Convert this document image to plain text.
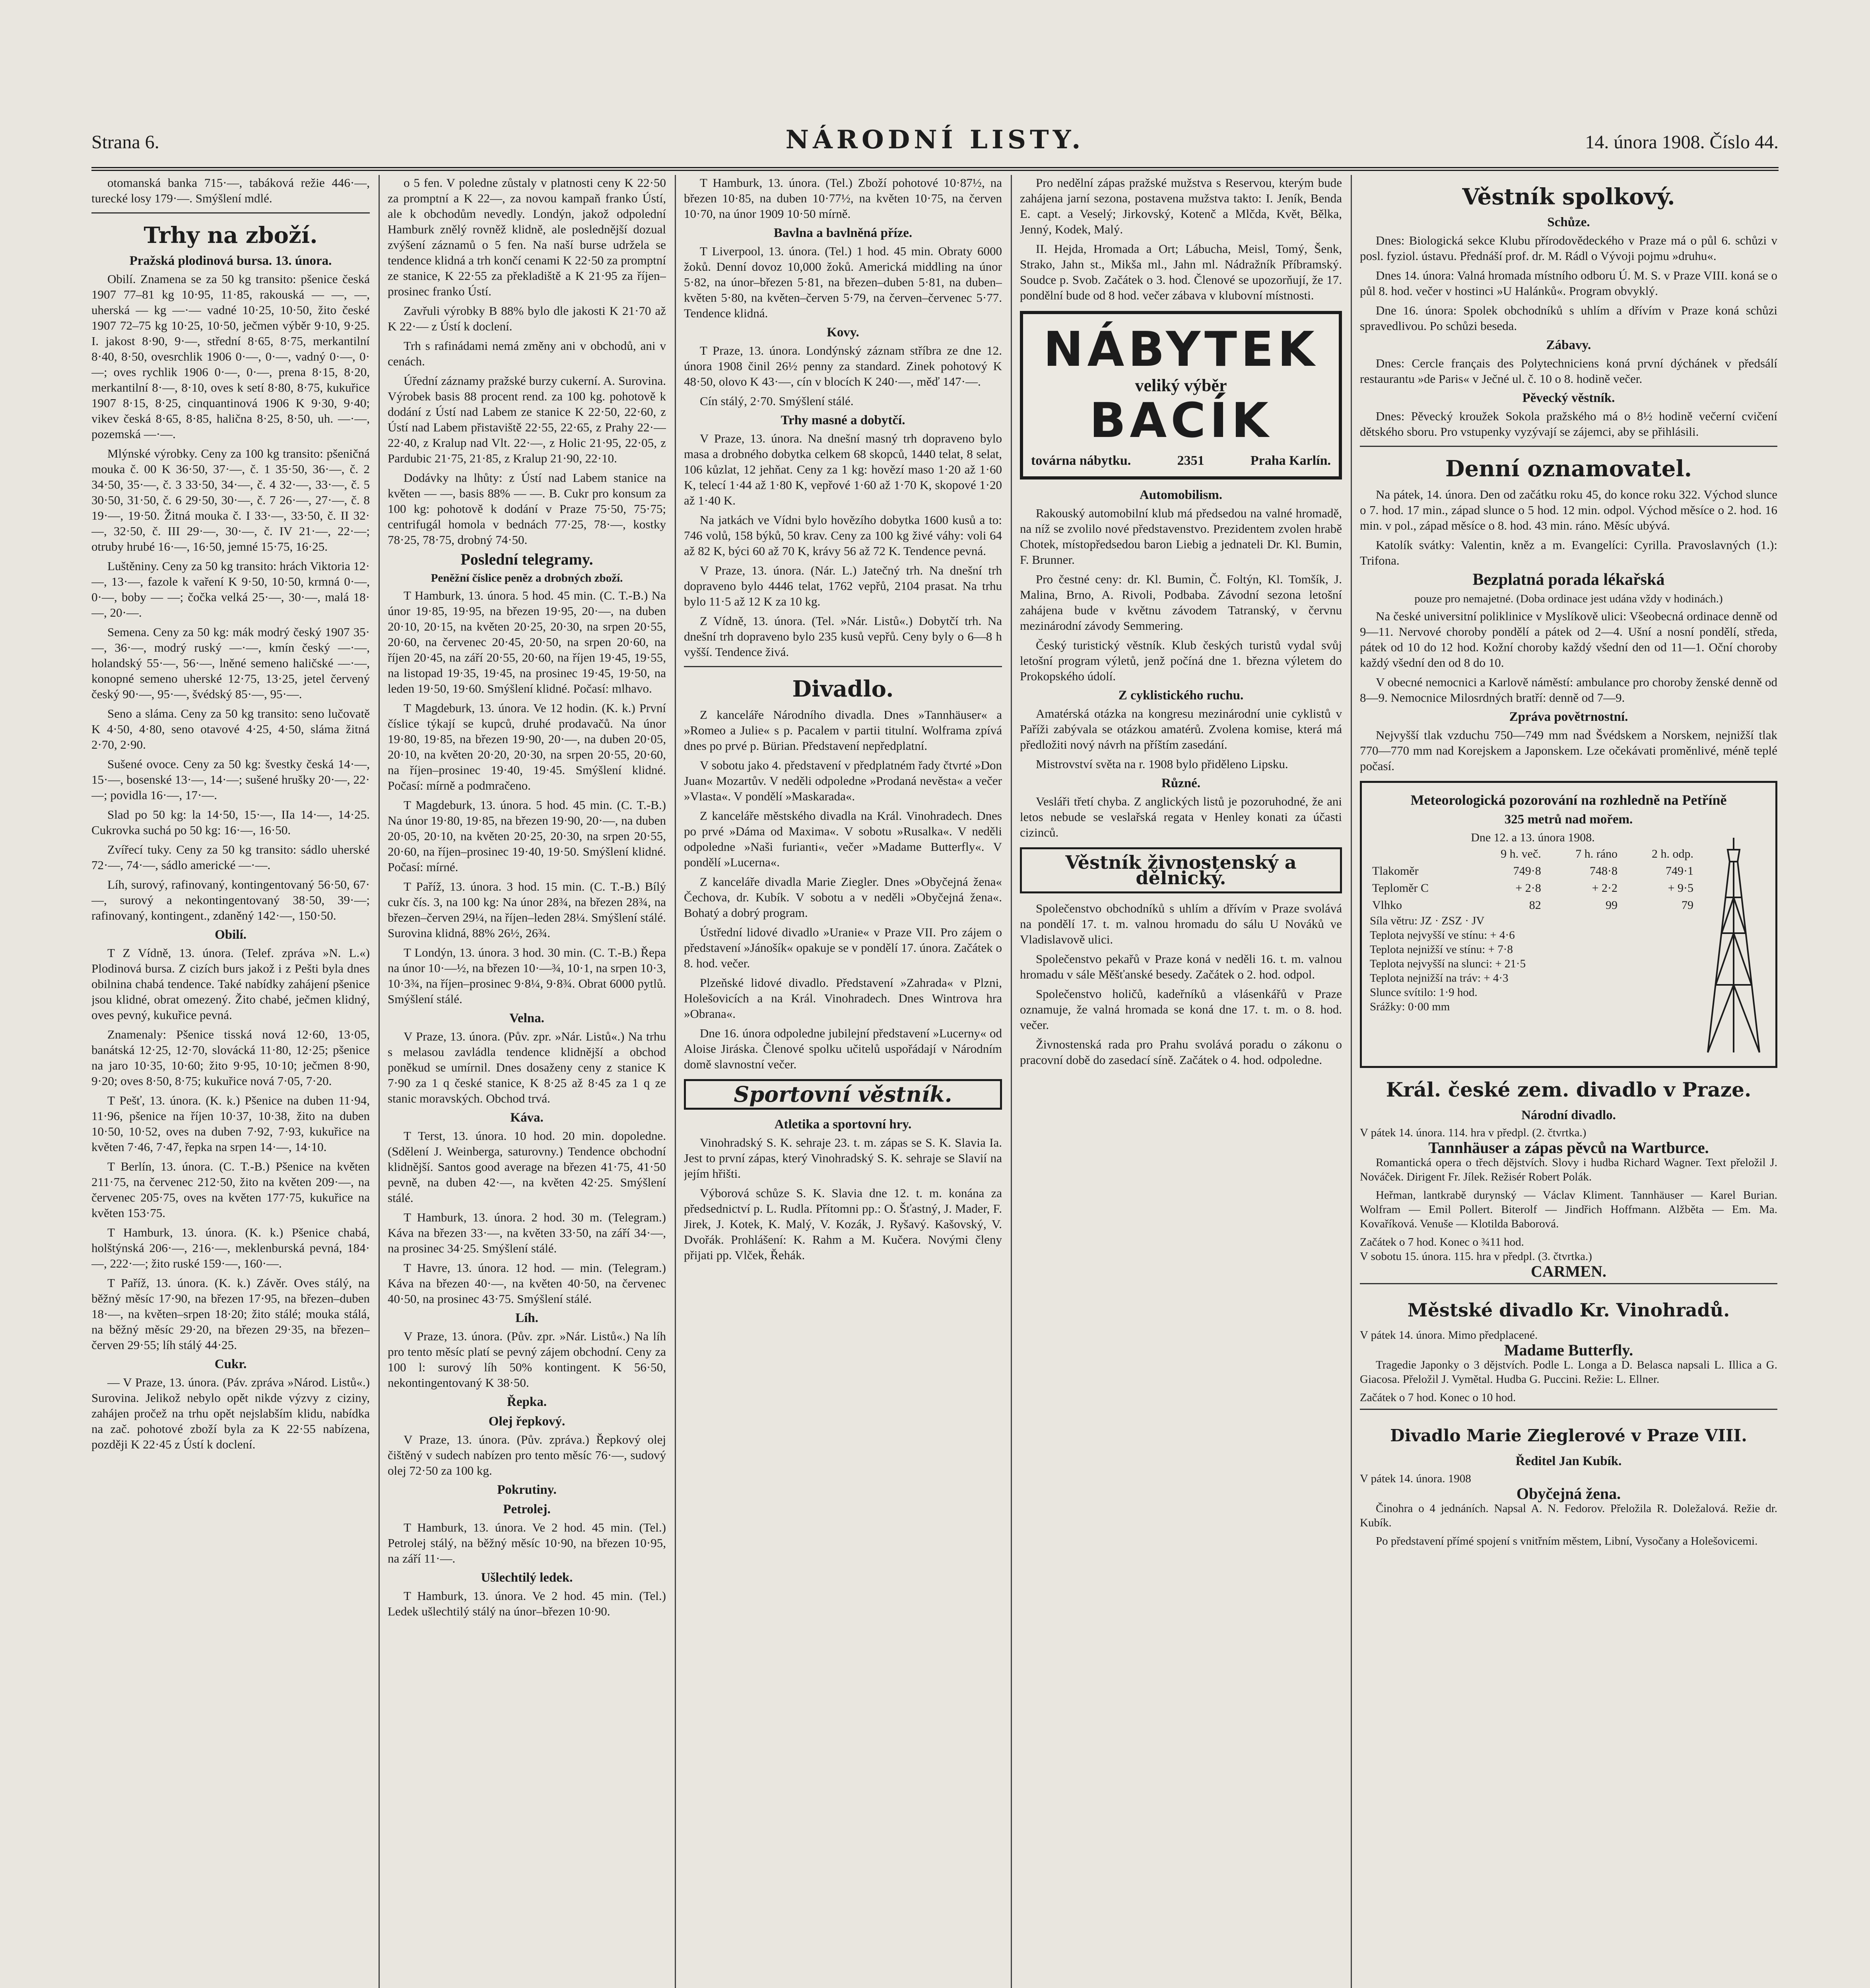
Strana 6.	NÁRODNÍ LISTY.	14. února 1908. Číslo 44.

otomanská banka 715·—, tabáková režie 446·—, turecké losy 179·—. Smýšlení mdlé.

Trhy na zboží.
Pražská plodinová bursa. 13. února.

Obilí. Znamena se za 50 kg transito: pšenice česká 1907 77–81 kg 10·95, 11·85, rakouská — —, —, uherská — kg —·— vadné 10·25, 10·50, žito české 1907 72–75 kg 10·25, 10·50, ječmen výběr 9·10, 9·25. I. jakost 8·90, 9·—, střední 8·65, 8·75, merkantilní 8·40, 8·50, ovesrchlik 1906 0·—, 0·—, vadný 0·—, 0·—; oves rychlik 1906 0·—, 0·—, prena 8·15, 8·20, merkantilní 8·—, 8·10, oves k setí 8·80, 8·75, kukuřice 1907 8·15, 8·25, cinquantinová 1906 K 9·30, 9·40; vikev česká 8·65, 8·85, halična 8·25, 8·50, uh. —·—, pozemská —·—.

Mlýnské výrobky. Ceny za 100 kg transito: pšeničná mouka č. 00 K 36·50, 37·—, č. 1 35·50, 36·—, č. 2 34·50, 35·—, č. 3 33·50, 34·—, č. 4 32·—, 33·—, č. 5 30·50, 31·50, č. 6 29·50, 30·—, č. 7 26·—, 27·—, č. 8 19·—, 19·50. Žitná mouka č. I 33·—, 33·50, č. II 32·—, 32·50, č. III 29·—, 30·—, č. IV 21·—, 22·—; otruby hrubé 16·—, 16·50, jemné 15·75, 16·25.

Luštěniny. Ceny za 50 kg transito: hrách Viktoria 12·—, 13·—, fazole k vaření K 9·50, 10·50, krmná 0·—, 0·—, boby — —; čočka velká 25·—, 30·—, malá 18·—, 20·—.

Semena. Ceny za 50 kg: mák modrý český 1907 35·—, 36·—, modrý ruský —·—, kmín český —·—, holandský 55·—, 56·—, lněné semeno haličské —·—, konopné semeno uherské 12·75, 13·25, jetel červený český 90·—, 95·—, švédský 85·—, 95·—.

Seno a sláma. Ceny za 50 kg transito: seno lučovatě K 4·50, 4·80, seno otavové 4·25, 4·50, sláma žitná 2·70, 2·90.

Sušené ovoce. Ceny za 50 kg: švestky česká 14·—, 15·—, bosenské 13·—, 14·—; sušené hrušky 20·—, 22·—; povidla 16·—, 17·—.

Slad po 50 kg: la 14·50, 15·—, IIa 14·—, 14·25. Cukrovka suchá po 50 kg: 16·—, 16·50.

Zvířecí tuky. Ceny za 50 kg transito: sádlo uherské 72·—, 74·—, sádlo americké —·—.

Líh, surový, rafinovaný, kontingentovaný 56·50, 67·—, surový a nekontingentovaný 38·50, 39·—; rafinovaný, kontingent., zdaněný 142·—, 150·50.

Obilí.

T Z Vídně, 13. února. (Telef. zpráva »N. L.«) Plodinová bursa. Z cizích burs jakož i z Pešti byla dnes obilnina chabá tendence. Také nabídky zahájení pšenice jsou klidné, obrat omezený. Žito chabé, ječmen klidný, oves pevný, kukuřice pevná.

Znamenaly: Pšenice tisská nová 12·60, 13·05, banátská 12·25, 12·70, slovácká 11·80, 12·25; pšenice na jaro 10·35, 10·60; žito 9·95, 10·10; ječmen 8·90, 9·20; oves 8·50, 8·75; kukuřice nová 7·05, 7·20.

T Pešť, 13. února. (K. k.) Pšenice na duben 11·94, 11·96, pšenice na říjen 10·37, 10·38, žito na duben 10·50, 10·52, oves na duben 7·92, 7·93, kukuřice na květen 7·46, 7·47, řepka na srpen 14·—, 14·10.

T Berlín, 13. února. (C. T.-B.) Pšenice na květen 211·75, na červenec 212·50, žito na květen 209·—, na červenec 205·75, oves na květen 177·75, kukuřice na květen 153·75.

T Hamburk, 13. února. (K. k.) Pšenice chabá, holštýnská 206·—, 216·—, meklenburská pevná, 184·—, 222·—; žito ruské 159·—, 160·—.

T Paříž, 13. února. (K. k.) Závěr. Oves stálý, na běžný měsíc 17·90, na březen 17·95, na březen–duben 18·—, na květen–srpen 18·20; žito stálé; mouka stálá, na běžný měsíc 29·20, na březen 29·35, na březen–červen 29·55; líh stálý 44·25.

Cukr.

— V Praze, 13. února. (Páv. zpráva »Národ. Listů«.) Surovina. Jelikož nebylo opět nikde výzvy z ciziny, zahájen pročež na trhu opět nejslabším klidu, nabídka na zač. pohotové zboží byla za K 22·55 nabízena, později K 22·45 z Ústí k doclení.

o 5 fen. V poledne zůstaly v platnosti ceny K 22·50 za promptní a K 22—, za novou kampaň franko Ústí, ale k obchodům nevedly. Londýn, jakož odpolední Hamburk znělý rovněž klidně, ale poslednější dozual zvýšení záznamů o 5 fen. Na naší burse udržela se tendence klidná a trh končí cenami K 22·50 za promptní ze stanice, K 22·55 za překladiště a K 21·95 za říjen–prosinec franko Ústí.

Zavřuli výrobky B 88% bylo dle jakosti K 21·70 až K 22·— z Ústí k doclení.

Trh s rafinádami nemá změny ani v obchodů, ani v cenách.

Úřední záznamy pražské burzy cukerní. A. Surovina. Výrobek basis 88 procent rend. za 100 kg. pohotově k dodání z Ústí nad Labem ze stanice K 22·50, 22·60, z Ústí nad Labem přistaviště 22·55, 22·65, z Prahy 22·— 22·40, z Kralup nad Vlt. 22·—, z Holic 21·95, 22·05, z Pardubic 21·75, 21·85, z Kralup 21·90, 22·10.

Dodávky na lhůty: z Ústí nad Labem stanice na květen — —, basis 88% — —. B. Cukr pro konsum za 100 kg: pohotově k dodání v Praze 75·50, 75·75; centrifugál homola v bednách 77·25, 78·—, kostky 78·25, 78·75, drobný 74·50.

Poslední telegramy.
Peněžní číslice peněz a drobných zboží.

T Hamburk, 13. února. 5 hod. 45 min. (C. T.-B.) Na únor 19·85, 19·95, na březen 19·95, 20·—, na duben 20·10, 20·15, na květen 20·25, 20·30, na srpen 20·55, 20·60, na červenec 20·45, 20·50, na srpen 20·60, na říjen 20·45, na září 20·55, 20·60, na říjen 19·45, 19·55, na listopad 19·35, 19·45, na prosinec 19·45, 19·50, na leden 19·50, 19·60. Smýšlení klidné. Počasí: mlhavo.

T Magdeburk, 13. února. Ve 12 hodin. (K. k.) První číslice týkají se kupců, druhé prodavačů. Na únor 19·80, 19·85, na březen 19·90, 20·—, na duben 20·05, 20·10, na květen 20·20, 20·30, na srpen 20·55, 20·60, na říjen–prosinec 19·40, 19·45. Smýšlení klidné. Počasí: mírně a podmračeno.

T Magdeburk, 13. února. 5 hod. 45 min. (C. T.-B.) Na únor 19·80, 19·85, na březen 19·90, 20·—, na duben 20·05, 20·10, na květen 20·25, 20·30, na srpen 20·55, 20·60, na říjen–prosinec 19·40, 19·50. Smýšlení klidné. Počasí: mírné.

T Paříž, 13. února. 3 hod. 15 min. (C. T.-B.) Bílý cukr čís. 3, na 100 kg: Na únor 28¾, na březen 28¾, na březen–červen 29¼, na říjen–leden 28¼. Smýšlení stálé. Surovina klidná, 88% 26½, 26¾.

T Londýn, 13. února. 3 hod. 30 min. (C. T.-B.) Řepa na únor 10·—½, na březen 10·—¾, 10·1, na srpen 10·3, 10·3¾, na říjen–prosinec 9·8¼, 9·8¾. Obrat 6000 pytlů. Smýšlení stálé.

Velna.

V Praze, 13. února. (Pův. zpr. »Nár. Listů«.) Na trhu s melasou zavládla tendence klidnější a obchod poněkud se umírnil. Dnes dosaženy ceny z stanice K 7·90 za 1 q české stanice, K 8·25 až 8·45 za 1 q ze stanic moravských. Obchod trvá.

Káva.

T Terst, 13. února. 10 hod. 20 min. dopoledne. (Sdělení J. Weinberga, saturovny.) Tendence obchodní klidnější. Santos good average na březen 41·75, 41·50 pevně, na duben 42·—, na květen 42·25. Smýšlení stálé.

T Hamburk, 13. února. 2 hod. 30 m. (Telegram.) Káva na březen 33·—, na květen 33·50, na září 34·—, na prosinec 34·25. Smýšlení stálé.

T Havre, 13. února. 12 hod. — min. (Telegram.) Káva na březen 40·—, na květen 40·50, na červenec 40·50, na prosinec 43·75. Smýšlení stálé.

Líh.

V Praze, 13. února. (Pův. zpr. »Nár. Listů«.) Na líh pro tento měsíc platí se pevný zájem obchodní. Ceny za 100 l: surový líh 50% kontingent. K 56·50, nekontingentovaný K 38·50.

Řepka.
Olej řepkový.

V Praze, 13. února. (Pův. zpráva.) Řepkový olej čištěný v sudech nabízen pro tento měsíc 76·—, sudový olej 72·50 za 100 kg.

Pokrutiny.
Petrolej.

T Hamburk, 13. února. Ve 2 hod. 45 min. (Tel.) Petrolej stálý, na běžný měsíc 10·90, na březen 10·95, na září 11·—.

Ušlechtilý ledek.

T Hamburk, 13. února. Ve 2 hod. 45 min. (Tel.) Ledek ušlechtilý stálý na únor–březen 10·90.

T Hamburk, 13. února. (Tel.) Zboží pohotové 10·87½, na březen 10·85, na duben 10·77½, na květen 10·75, na červen 10·70, na únor 1909 10·50 mírně.

Bavlna a bavlněná příze.

T Liverpool, 13. února. (Tel.) 1 hod. 45 min. Obraty 6000 žoků. Denní dovoz 10,000 žoků. Americká middling na únor 5·82, na únor–březen 5·81, na březen–duben 5·81, na duben–květen 5·80, na květen–červen 5·79, na červen–červenec 5·77. Tendence klidná.

Kovy.

T Praze, 13. února. Londýnský záznam stříbra ze dne 12. února 1908 činil 26½ penny za standard. Zinek pohotový K 48·50, olovo K 43·—, cín v blocích K 240·—, měď 147·—.

Cín stálý, 2·70. Smýšlení stálé.

Trhy masné a dobytčí.

V Praze, 13. února. Na dnešní masný trh dopraveno bylo masa a drobného dobytka celkem 68 skopců, 1440 telat, 8 selat, 106 kůzlat, 12 jehňat. Ceny za 1 kg: hovězí maso 1·20 až 1·60 K, telecí 1·44 až 1·80 K, vepřové 1·60 až 1·70 K, skopové 1·20 až 1·40 K.

Na jatkách ve Vídni bylo hovězího dobytka 1600 kusů a to: 746 volů, 158 býků, 50 krav. Ceny za 100 kg živé váhy: voli 64 až 82 K, býci 60 až 70 K, krávy 56 až 72 K. Tendence pevná.

V Praze, 13. února. (Nár. L.) Jatečný trh. Na dnešní trh dopraveno bylo 4446 telat, 1762 vepřů, 2104 prasat. Na trhu bylo 11·5 až 12 K za 10 kg.

Z Vídně, 13. února. (Tel. »Nár. Listů«.) Dobytčí trh. Na dnešní trh dopraveno bylo 235 kusů vepřů. Ceny byly o 6—8 h vyšší. Tendence živá.

Divadlo.

Z kanceláře Národního divadla. Dnes »Tannhäuser« a »Romeo a Julie« s p. Pacalem v partii titulní. Wolframa zpívá dnes po prvé p. Bürian. Představení nepředplatní.

V sobotu jako 4. představení v předplatném řady čtvrté »Don Juan« Mozartův. V neděli odpoledne »Prodaná nevěsta« a večer »Vlasta«. V pondělí »Maskarada«.

Z kanceláře městského divadla na Král. Vinohradech. Dnes po prvé »Dáma od Maxima«. V sobotu »Rusalka«. V neděli odpoledne »Naši furianti«, večer »Madame Butterfly«. V pondělí »Lucerna«.

Z kanceláře divadla Marie Ziegler. Dnes »Obyčejná žena« Čechova, dr. Kubík. V sobotu a v neděli »Obyčejná žena«. Bohatý a dobrý program.

Ústřední lidové divadlo »Uranie« v Praze VII. Pro zájem o představení »Jánošík« opakuje se v pondělí 17. února. Začátek o 8. hod. večer.

Plzeňské lidové divadlo. Představení »Zahrada« v Plzni, Holešovicích a na Král. Vinohradech. Dnes Wintrova hra »Obrana«.

Dne 16. února odpoledne jubilejní představení »Lucerny« od Aloise Jiráska. Členové spolku učitelů uspořádají v Národním domě slavnostní večer.

Sportovní věstník.
Atletika a sportovní hry.

Vinohradský S. K. sehraje 23. t. m. zápas se S. K. Slavia Ia. Jest to první zápas, který Vinohradský S. K. sehraje se Slavií na jejím hřišti.

Výborová schůze S. K. Slavia dne 12. t. m. konána za předsednictví p. L. Rudla. Přítomni pp.: O. Šťastný, J. Mader, F. Jirek, J. Kotek, K. Malý, V. Kozák, J. Ryšavý. Kašovský, V. Dvořák. Prohlášení: K. Rahm a M. Kučera. Novými členy přijati pp. Vlček, Řehák.

Pro nedělní zápas pražské mužstva s Reservou, kterým bude zahájena jarní sezona, postavena mužstva takto: I. Jeník, Benda E. capt. a Veselý; Jirkovský, Kotenč a Mlčda, Květ, Bělka, Jenný, Kodek, Malý.

II. Hejda, Hromada a Ort; Lábucha, Meisl, Tomý, Šenk, Strako, Jahn st., Mikša ml., Jahn ml. Nádražník Příbramský. Soudce p. Svob. Začátek o 3. hod. Členové se upozorňují, že 17. pondělní bude od 8 hod. večer zábava v klubovní místnosti.

NÁBYTEK
veliký výběr
BACÍK
továrna nábytku.	2351	Praha Karlín.
Automobilism.

Rakouský automobilní klub má předsedou na valné hromadě, na níž se zvolilo nové představenstvo. Prezidentem zvolen hrabě Chotek, místopředsedou baron Liebig a jednateli Dr. Kl. Bumin, F. Brunner.

Pro čestné ceny: dr. Kl. Bumin, Č. Foltýn, Kl. Tomšík, J. Malina, Brno, A. Rivoli, Podbaba. Závodní sezona letošní zahájena bude v květnu závodem Tatranský, v červnu mezinárodní závody Semmering.

Český turistický věstník. Klub českých turistů vydal svůj letošní program výletů, jenž počíná dne 1. března výletem do Prokopského údolí.

Z cyklistického ruchu.

Amatérská otázka na kongresu mezinárodní unie cyklistů v Paříži zabývala se otázkou amatérů. Zvolena komise, která má předložiti nový návrh na příštím zasedání.

Mistrovství světa na r. 1908 bylo přiděleno Lipsku.

Různé.

Vesláři třetí chyba. Z anglických listů je pozoruhodné, že ani letos nebude se veslařská regata v Henley konati za účasti cizinců.

Věstník živnostenský a dělnický.

Společenstvo obchodníků s uhlím a dřívím v Praze svolává na pondělí 17. t. m. valnou hromadu do sálu U Nováků ve Vladislavově ulici.

Společenstvo pekařů v Praze koná v neděli 16. t. m. valnou hromadu v sále Měšťanské besedy. Začátek o 2. hod. odpol.

Společenstvo holičů, kadeřníků a vlásenkářů v Praze oznamuje, že valná hromada se koná dne 17. t. m. o 8. hod. večer.

Živnostenská rada pro Prahu svolává poradu o zákonu o pracovní době do zasedací síně. Začátek o 4. hod. odpoledne.

Věstník spolkový.
Schůze.

Dnes: Biologická sekce Klubu přírodovědeckého v Praze má o půl 6. schůzi v posl. fyziol. ústavu. Přednáší prof. dr. M. Rádl o Vývoji pojmu »druhu«.

Dnes 14. února: Valná hromada místního odboru Ú. M. S. v Praze VIII. koná se o půl 8. hod. večer v hostinci »U Halánků«. Program obvyklý.

Dne 16. února: Spolek obchodníků s uhlím a dřívím v Praze koná schůzi spravedlivou. Po schůzi beseda.

Zábavy.

Dnes: Cercle français des Polytechniciens koná první dýchánek v předsálí restaurantu »de Paris« v Ječné ul. č. 10 o 8. hodině večer.

Pěvecký věstník.

Dnes: Pěvecký kroužek Sokola pražského má o 8½ hodině večerní cvičení dětského sboru. Pro vstupenky vyzývají se zájemci, aby se přihlásili.

Denní oznamovatel.

Na pátek, 14. února. Den od začátku roku 45, do konce roku 322. Východ slunce o 7. hod. 17 min., západ slunce o 5 hod. 12 min. odpol. Východ měsíce o 2. hod. 16 min. v pol., západ měsíce o 8. hod. 43 min. ráno. Měsíc ubývá.

Katolík svátky: Valentin, kněz a m. Evangelíci: Cyrilla. Pravoslavných (1.): Trifona.

Bezplatná porada lékařská
pouze pro nemajetné. (Doba ordinace jest udána vždy v hodinách.)

Na české universitní poliklinice v Myslíkově ulici: Všeobecná ordinace denně od 9—11. Nervové choroby pondělí a pátek od 2—4. Ušní a nosní pondělí, středa, pátek od 10 do 12 hod. Kožní choroby každý všední den od 11—1. Oční choroby každý všední den od 8 do 10.

V obecné nemocnici a Karlově náměstí: ambulance pro choroby ženské denně od 8—9. Nemocnice Milosrdných bratří: denně od 7—9.

Zpráva povětrnostní.

Nejvyšší tlak vzduchu 750—749 mm nad Švédskem a Norskem, nejnižší tlak 770—770 mm nad Korejskem a Japonskem. Lze očekávati proměnlivé, méně teplé počasí.

Meteorologická pozorování na rozhledně na Petříně
325 metrů nad mořem.
Dne 12. a 13. února 1908.
	9 h. več.	7 h. ráno	2 h. odp.
Tlakoměr	749·8	748·8	749·1
Teploměr C	+ 2·8	+ 2·2	+ 9·5
Vlhko	82	99	79
Síla větru: JZ · ZSZ · JV
Teplota nejvyšší ve stínu: + 4·6
Teplota nejnižší ve stínu: + 7·8
Teplota nejvyšší na slunci: + 21·5
Teplota nejnižší na tráv: + 4·3
Slunce svítilo: 1·9 hod.
Srážky: 0·00 mm
Král. české zem. divadlo v Praze.
Národní divadlo.
V pátek 14. února. 114. hra v předpl. (2. čtvrtka.)
Tannhäuser a zápas pěvců na Wartburce.

Romantická opera o třech dějstvích. Slovy i hudba Richard Wagner. Text přeložil J. Nováček. Dirigent Fr. Jílek. Režisér Robert Polák.

Heřman, lantkrabě durynský — Václav Kliment. Tannhäuser — Karel Burian. Wolfram — Emil Pollert. Biterolf — Jindřich Hoffmann. Alžběta — Em. Ma. Kovaříková. Venuše — Klotilda Baborová.

Začátek o 7 hod. Konec o ¾11 hod.
V sobotu 15. února. 115. hra v předpl. (3. čtvrtka.)
CARMEN.
Městské divadlo Kr. Vinohradů.
V pátek 14. února. Mimo předplacené.
Madame Butterfly.

Tragedie Japonky o 3 dějstvích. Podle L. Longa a D. Belasca napsali L. Illica a G. Giacosa. Přeložil J. Vymětal. Hudba G. Puccini. Režie: L. Ellner.

Začátek o 7 hod. Konec o 10 hod.
Divadlo Marie Zieglerové v Praze VIII.
Ředitel Jan Kubík.
V pátek 14. února. 1908
Obyčejná žena.

Činohra o 4 jednáních. Napsal A. N. Fedorov. Přeložila R. Doležalová. Režie dr. Kubík.

Po představení přímé spojení s vnitřním městem, Libní, Vysočany a Holešovicemi.
